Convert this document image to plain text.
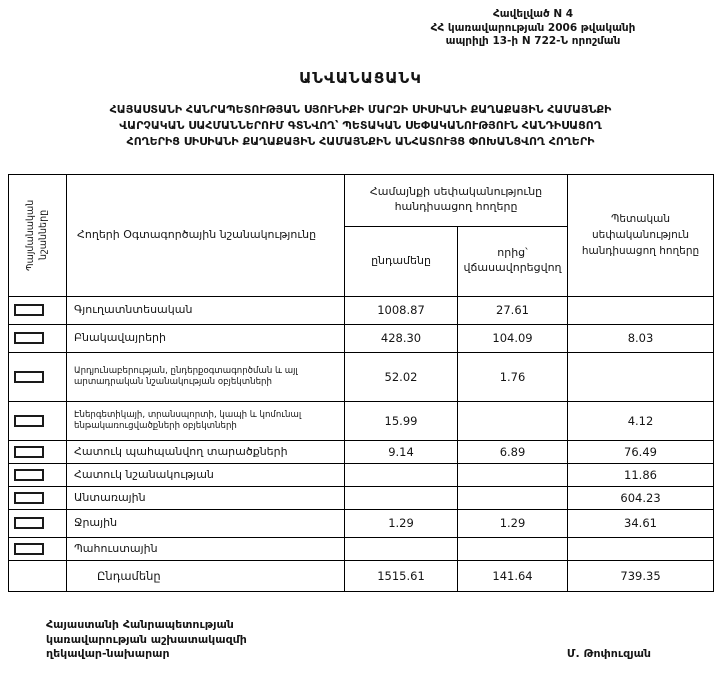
Հավելված N 4
ՀՀ կառավարության 2006 թվականի
ապրիլի 13-ի N 722-Ն որոշման
ԱՆՎԱՆԱՑԱՆԿ
ՀԱՅԱՍՏԱՆԻ ՀԱՆՐԱՊԵՏՈՒԹՅԱՆ ՍՅՈՒՆԻՔԻ ՄԱՐԶԻ ՍԻՍԻԱՆԻ ՔԱՂԱՔԱՅԻՆ ՀԱՄԱՅՆՔԻ
ՎԱՐՉԱԿԱՆ ՍԱՀՄԱՆՆԵՐՈՒՄ ԳՏՆՎՈՂ՝ ՊԵՏԱԿԱՆ ՍԵՓԱԿԱՆՈՒԹՅՈՒՆ ՀԱՆԴԻՍԱՑՈՂ
ՀՈՂԵՐԻՑ ՍԻՍԻԱՆԻ ՔԱՂԱՔԱՅԻՆ ՀԱՄԱՅՆՔԻՆ ԱՆՀԱՏՈՒՅՑ ՓՈԽԱՆՑՎՈՂ ՀՈՂԵՐԻ
Պայմանական նշանները	Հողերի Օգտագործային նշանակությունը	Համայնքի սեփականությունը հանդիսացող հողերը		Պետական սեփականություն հանդիսացող հողերը
		ընդամենը	որից՝ վճասավորեցվող	

	Գյուղատնտեսական	1008.87	27.61	

	Բնակավայրերի	428.30	104.09	8.03

	Արդյունաբերության, ընդերքօգտագործման և այլ արտադրական նշանակության օբյեկտների	52.02	1.76	

	Էներգետիկայի, տրանսպորտի, կապի և կոմունալ ենթակառուցվածքների օբյեկտների	15.99		4.12

	Հատուկ պահպանվող տարածքների	9.14	6.89	76.49

	Հատուկ նշանակության			11.86

	Անտառային			604.23

	Ջրային	1.29	1.29	34.61

	Պահուստային			
	Ընդամենը	1515.61	141.64	739.35
Հայաստանի Հանրապետության
կառավարության աշխատակազմի
ղեկավար-նախարար	Մ. Թոփուզյան
